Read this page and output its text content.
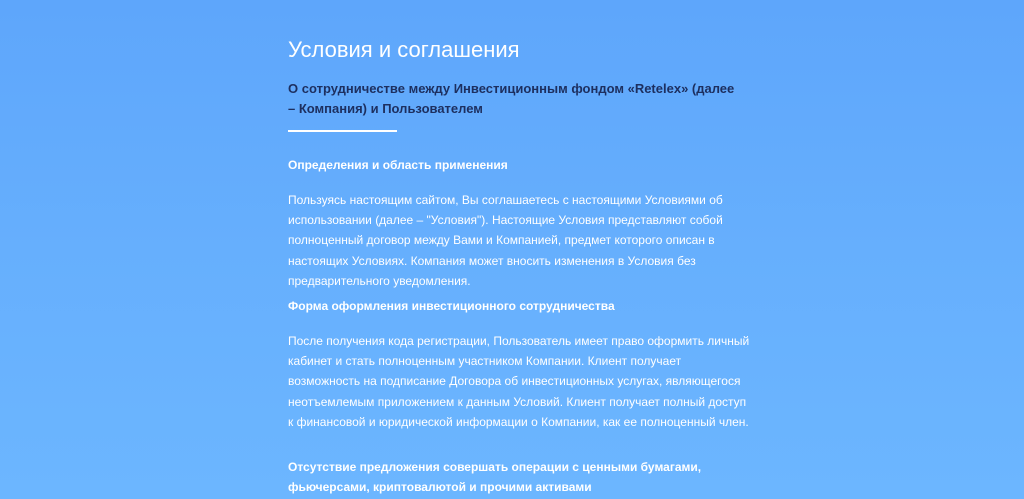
Условия и соглашения

О сотрудничестве между Инвестиционным фондом «Retelex» (далее – Компания) и Пользователем

Определения и область применения

Пользуясь настоящим сайтом, Вы соглашаетесь с настоящими Условиями об использовании (далее – "Условия"). Настоящие Условия представляют собой полноценный договор между Вами и Компанией, предмет которого описан в настоящих Условиях. Компания может вносить изменения в Условия без предварительного уведомления.

Форма оформления инвестиционного сотрудничества

После получения кода регистрации, Пользователь имеет право оформить личный кабинет и стать полноценным участником Компании. Клиент получает возможность на подписание Договора об инвестиционных услугах, являющегося неотъемлемым приложением к данным Условий. Клиент получает полный доступ к финансовой и юридической информации о Компании, как ее полноценный член.

Отсутствие предложения совершать операции с ценными бумагами, фьючерсами, криптовалютой и прочими активами
